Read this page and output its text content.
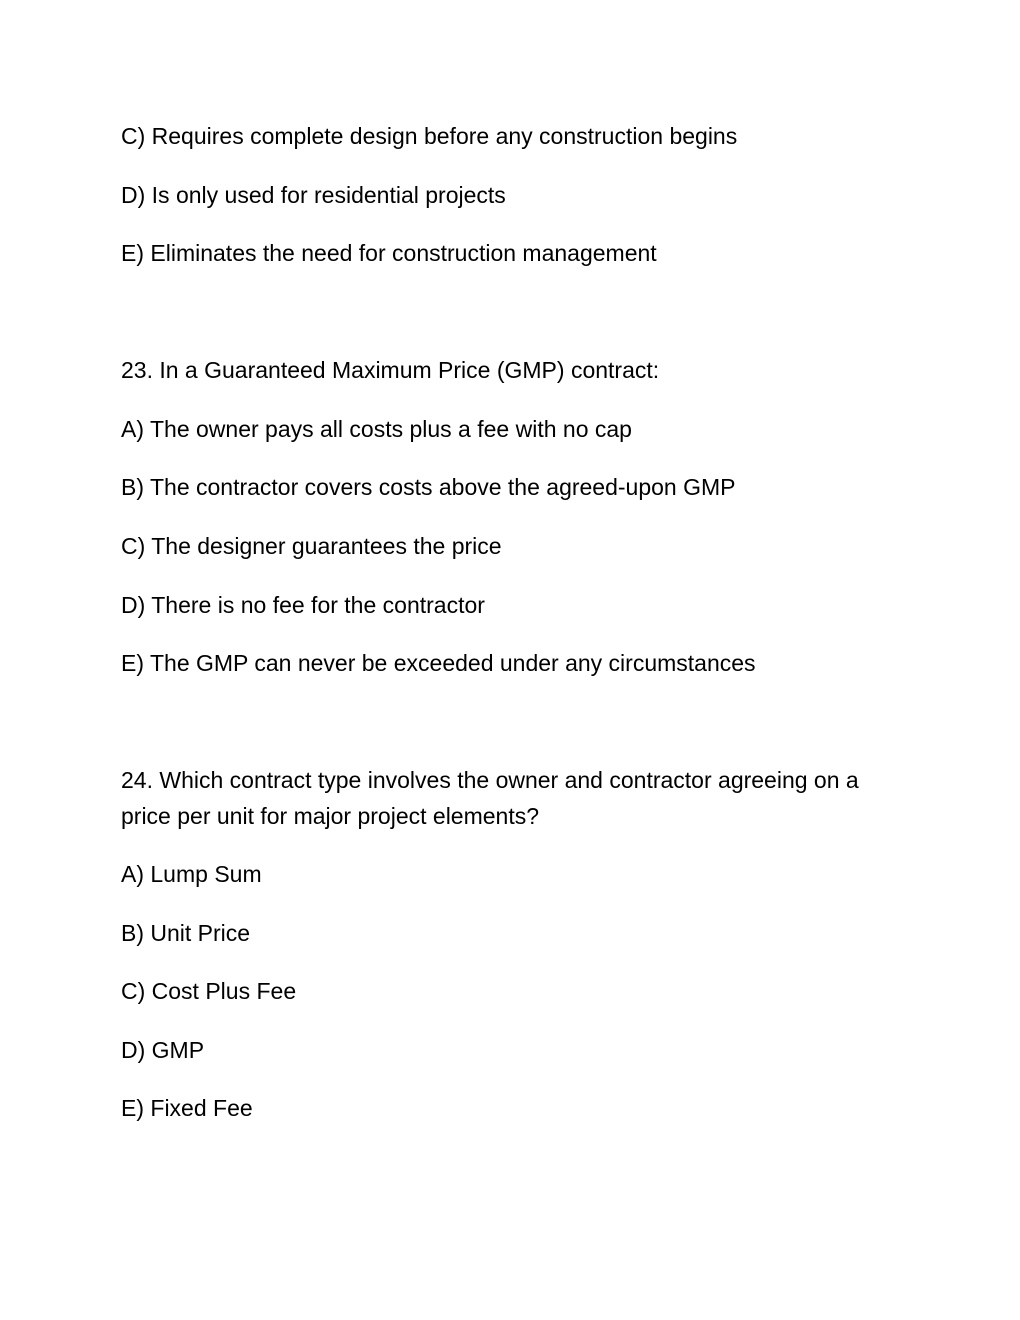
C) Requires complete design before any construction begins

D) Is only used for residential projects

E) Eliminates the need for construction management

23. In a Guaranteed Maximum Price (GMP) contract:

A) The owner pays all costs plus a fee with no cap

B) The contractor covers costs above the agreed-upon GMP

C) The designer guarantees the price

D) There is no fee for the contractor

E) The GMP can never be exceeded under any circumstances

24. Which contract type involves the owner and contractor agreeing on a price per unit for major project elements?

A) Lump Sum

B) Unit Price

C) Cost Plus Fee

D) GMP

E) Fixed Fee
